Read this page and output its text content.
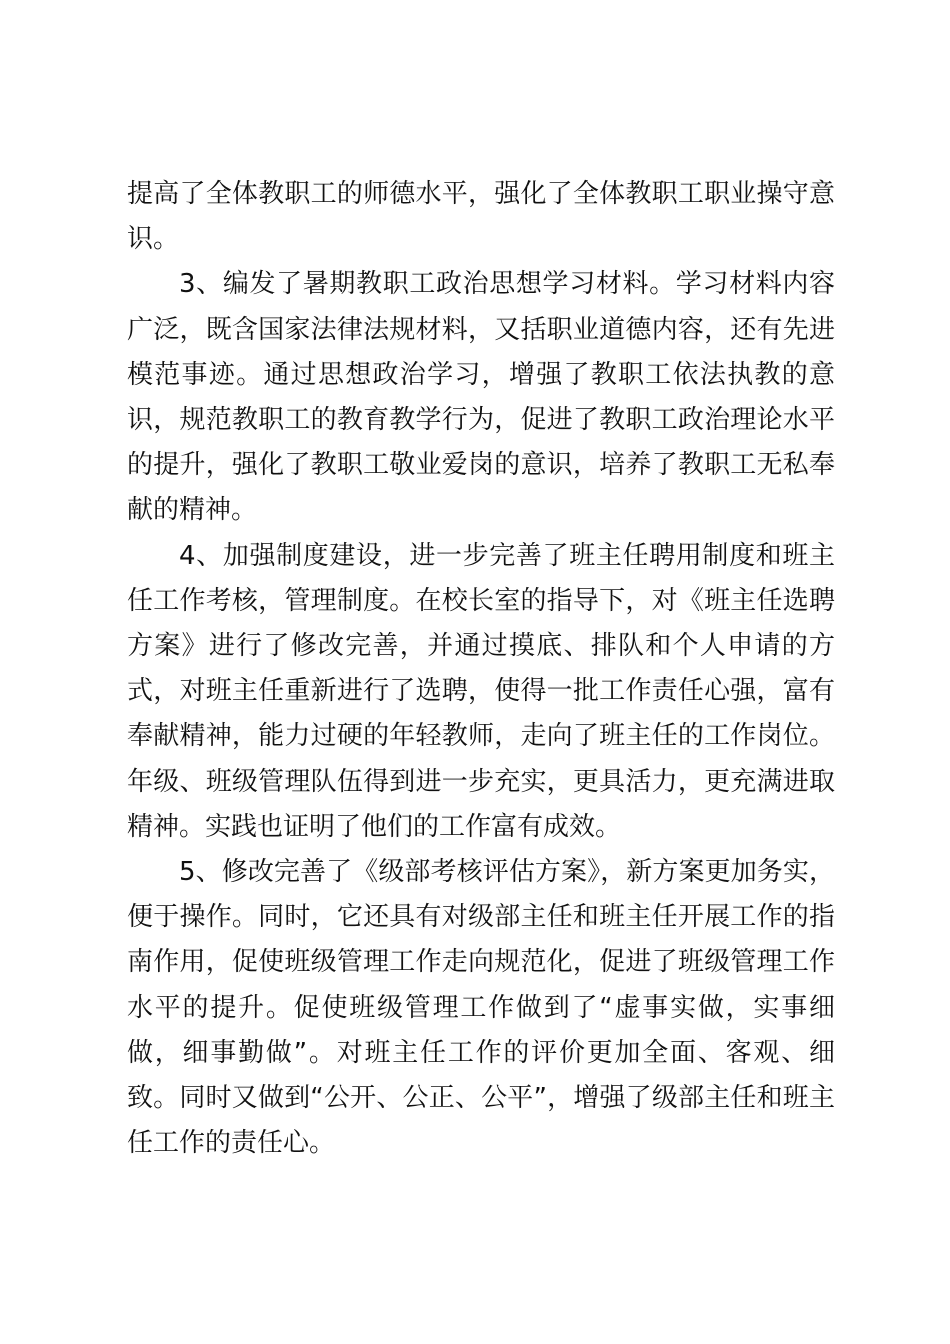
提高了全体教职工的师德水平，强化了全体教职工职业操守意识。

3、编发了暑期教职工政治思想学习材料。学习材料内容广泛，既含国家法律法规材料，又括职业道德内容，还有先进模范事迹。通过思想政治学习，增强了教职工依法执教的意识，规范教职工的教育教学行为，促进了教职工政治理论水平的提升，强化了教职工敬业爱岗的意识，培养了教职工无私奉献的精神。

4、加强制度建设，进一步完善了班主任聘用制度和班主任工作考核，管理制度。在校长室的指导下，对《班主任选聘方案》进行了修改完善，并通过摸底、排队和个人申请的方式，对班主任重新进行了选聘，使得一批工作责任心强，富有奉献精神，能力过硬的年轻教师，走向了班主任的工作岗位。年级、班级管理队伍得到进一步充实，更具活力，更充满进取精神。实践也证明了他们的工作富有成效。

5、修改完善了《级部考核评估方案》，新方案更加务实，便于操作。同时，它还具有对级部主任和班主任开展工作的指南作用，促使班级管理工作走向规范化，促进了班级管理工作水平的提升。促使班级管理工作做到了“虚事实做，实事细做，细事勤做”。对班主任工作的评价更加全面、客观、细致。同时又做到“公开、公正、公平”，增强了级部主任和班主任工作的责任心。
